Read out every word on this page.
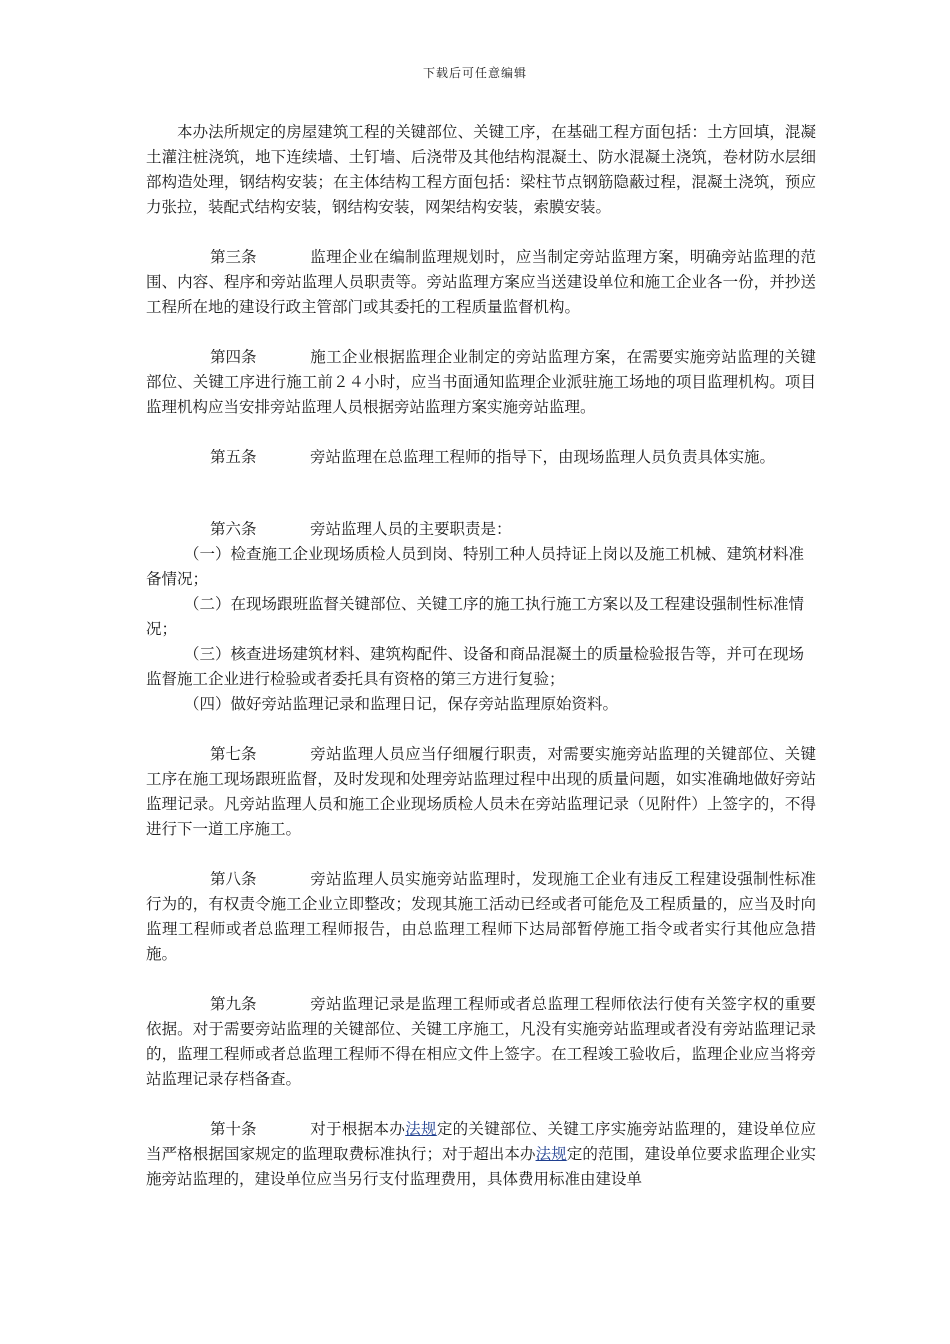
下载后可任意编辑

本办法所规定的房屋建筑工程的关键部位、关键工序，在基础工程方面包括：土方回填，混凝土灌注桩浇筑，地下连续墙、土钉墙、后浇带及其他结构混凝土、防水混凝土浇筑，卷材防水层细部构造处理，钢结构安装；在主体结构工程方面包括：梁柱节点钢筋隐蔽过程，混凝土浇筑，预应力张拉，装配式结构安装，钢结构安装，网架结构安装，索膜安装。

第三条	监理企业在编制监理规划时，应当制定旁站监理方案，明确旁站监理的范围、内容、程序和旁站监理人员职责等。旁站监理方案应当送建设单位和施工企业各一份，并抄送工程所在地的建设行政主管部门或其委托的工程质量监督机构。

第四条	施工企业根据监理企业制定的旁站监理方案，在需要实施旁站监理的关键部位、关键工序进行施工前２４小时，应当书面通知监理企业派驻施工场地的项目监理机构。项目监理机构应当安排旁站监理人员根据旁站监理方案实施旁站监理。

第五条	旁站监理在总监理工程师的指导下，由现场监理人员负责具体实施。

第六条	旁站监理人员的主要职责是：

（一）检查施工企业现场质检人员到岗、特别工种人员持证上岗以及施工机械、建筑材料准备情况；

（二）在现场跟班监督关键部位、关键工序的施工执行施工方案以及工程建设强制性标准情况；

（三）核查进场建筑材料、建筑构配件、设备和商品混凝土的质量检验报告等，并可在现场监督施工企业进行检验或者委托具有资格的第三方进行复验；

（四）做好旁站监理记录和监理日记，保存旁站监理原始资料。

第七条	旁站监理人员应当仔细履行职责，对需要实施旁站监理的关键部位、关键工序在施工现场跟班监督，及时发现和处理旁站监理过程中出现的质量问题，如实准确地做好旁站监理记录。凡旁站监理人员和施工企业现场质检人员未在旁站监理记录（见附件）上签字的，不得进行下一道工序施工。

第八条	旁站监理人员实施旁站监理时，发现施工企业有违反工程建设强制性标准行为的，有权责令施工企业立即整改；发现其施工活动已经或者可能危及工程质量的，应当及时向监理工程师或者总监理工程师报告，由总监理工程师下达局部暂停施工指令或者实行其他应急措施。

第九条	旁站监理记录是监理工程师或者总监理工程师依法行使有关签字权的重要依据。对于需要旁站监理的关键部位、关键工序施工，凡没有实施旁站监理或者没有旁站监理记录的，监理工程师或者总监理工程师不得在相应文件上签字。在工程竣工验收后，监理企业应当将旁站监理记录存档备查。

第十条	对于根据本办法规定的关键部位、关键工序实施旁站监理的，建设单位应当严格根据国家规定的监理取费标准执行；对于超出本办法规定的范围，建设单位要求监理企业实施旁站监理的，建设单位应当另行支付监理费用，具体费用标准由建设单
